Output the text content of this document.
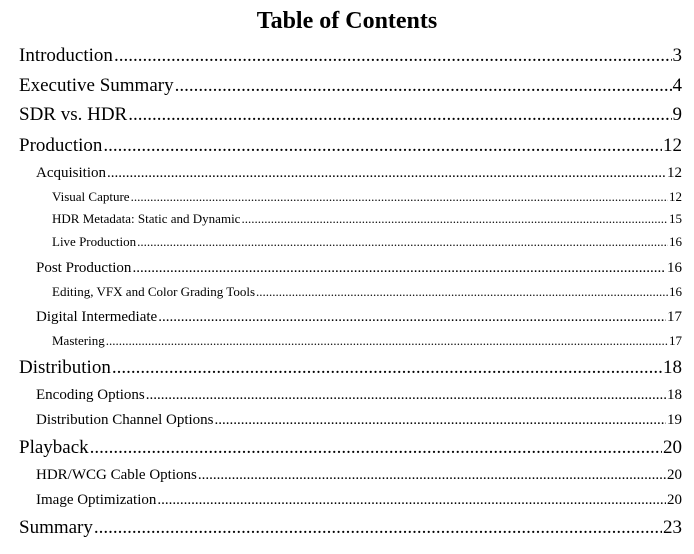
Table of Contents
Introduction .....	3
Executive Summary .....	4
SDR vs. HDR .....	9
Production .....	12
Acquisition .....	12
Visual Capture .....	12
HDR Metadata: Static and Dynamic .....	15
Live Production .....	16
Post Production .....	16
Editing, VFX and Color Grading Tools .....	16
Digital Intermediate .....	17
Mastering .....	17
Distribution .....	18
Encoding Options .....	18
Distribution Channel Options .....	19
Playback .....	20
HDR/WCG Cable Options .....	20
Image Optimization .....	20
Summary .....	23
